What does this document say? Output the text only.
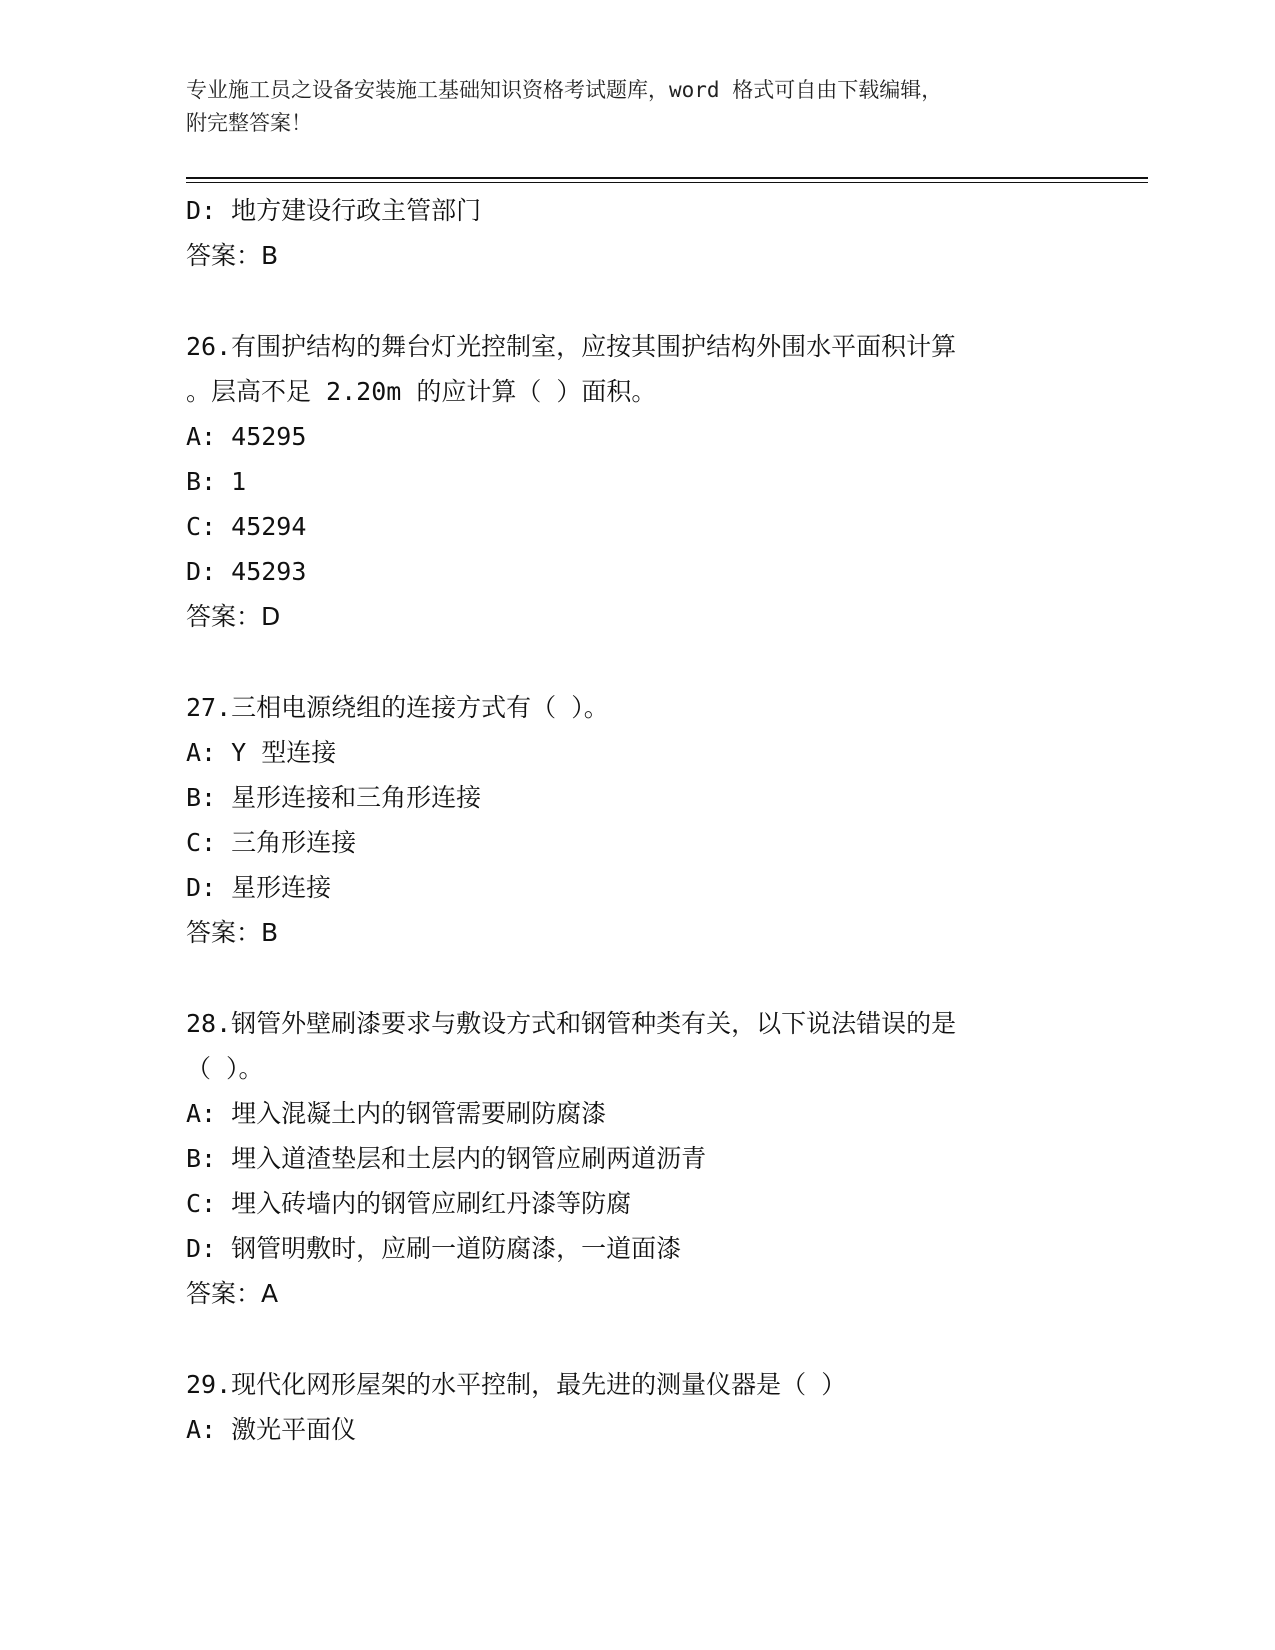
专业施工员之设备安装施工基础知识资格考试题库，word 格式可自由下载编辑，
附完整答案！
D: 地方建设行政主管部门
答案：B
26.有围护结构的舞台灯光控制室，应按其围护结构外围水平面积计算
。层高不足 2.20m 的应计算（ ）面积。
A: 45295
B: 1
C: 45294
D: 45293
答案：D
27.三相电源绕组的连接方式有（ ）。
A: Y 型连接
B: 星形连接和三角形连接
C: 三角形连接
D: 星形连接
答案：B
28.钢管外壁刷漆要求与敷设方式和钢管种类有关，以下说法错误的是
（ ）。
A: 埋入混凝土内的钢管需要刷防腐漆
B: 埋入道渣垫层和土层内的钢管应刷两道沥青
C: 埋入砖墙内的钢管应刷红丹漆等防腐
D: 钢管明敷时，应刷一道防腐漆，一道面漆
答案：A
29.现代化网形屋架的水平控制，最先进的测量仪器是（ ）
A: 激光平面仪
